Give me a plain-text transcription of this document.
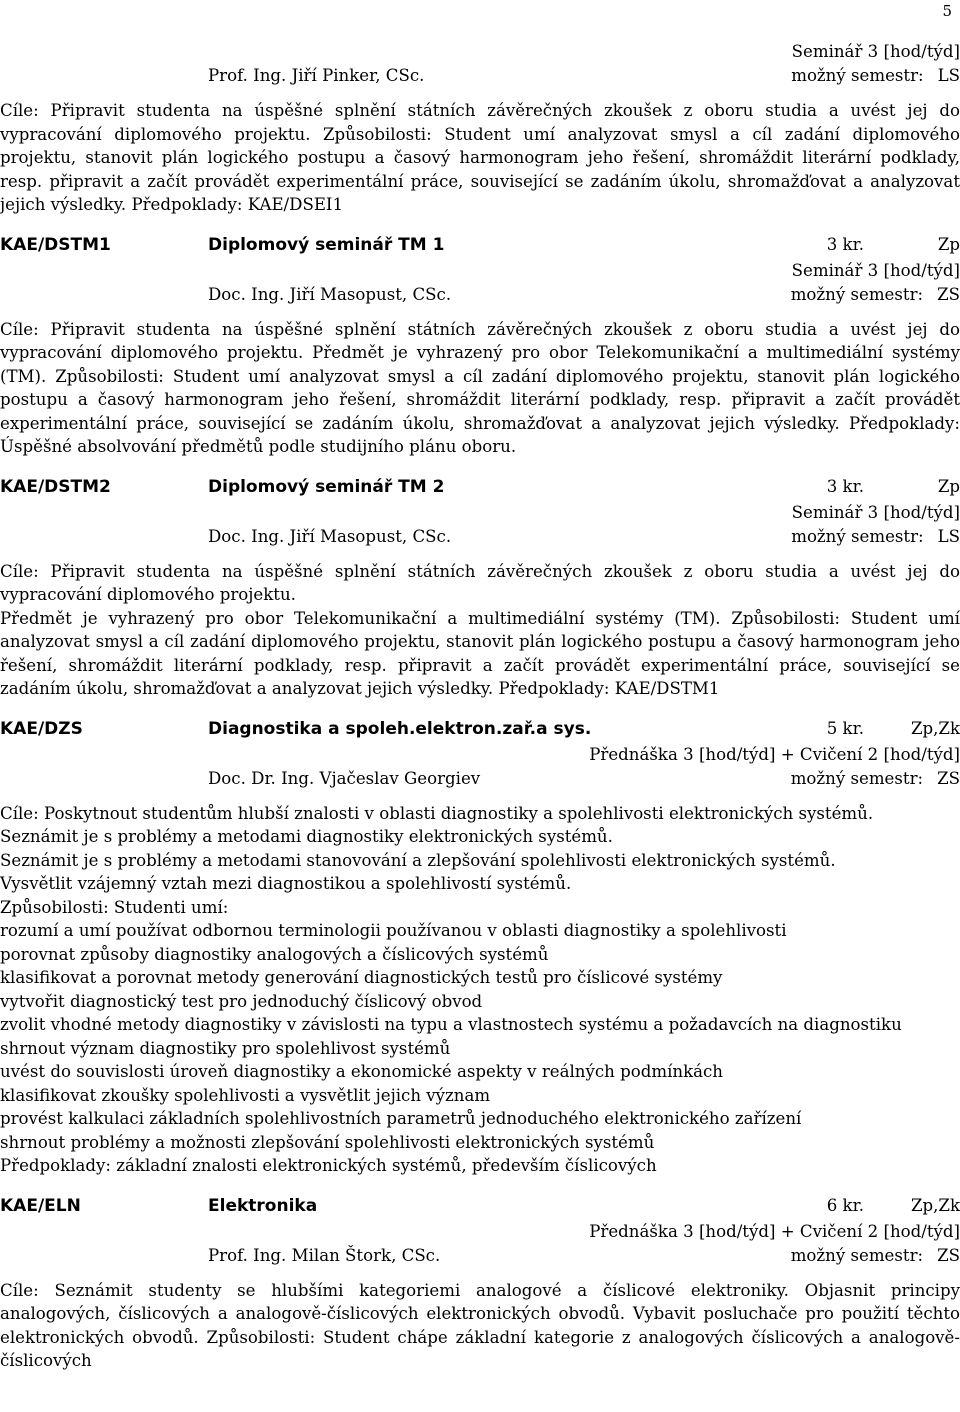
5
Seminář 3 [hod/týd]
Prof. Ing. Jiří Pinker, CSc.	možný semestr: LS

Cíle: Připravit studenta na úspěšné splnění státních závěrečných zkoušek z oboru studia a uvést jej do vypracování diplomového projektu. Způsobilosti: Student umí analyzovat smysl a cíl zadání diplomového projektu, stanovit plán logického postupu a časový harmonogram jeho řešení, shromáždit literární podklady, resp. připravit a začít provádět experimentální práce, související se zadáním úkolu, shromažďovat a analyzovat jejich výsledky. Předpoklady: KAE/DSEI1

KAE/DSTM1	Diplomový seminář TM 1	3 kr.	Zp
Seminář 3 [hod/týd]
Doc. Ing. Jiří Masopust, CSc.	možný semestr: ZS

Cíle: Připravit studenta na úspěšné splnění státních závěrečných zkoušek z oboru studia a uvést jej do vypracování diplomového projektu. Předmět je vyhrazený pro obor Telekomunikační a multimediální systémy (TM). Způsobilosti: Student umí analyzovat smysl a cíl zadání diplomového projektu, stanovit plán logického postupu a časový harmonogram jeho řešení, shromáždit literární podklady, resp. připravit a začít provádět experimentální práce, související se zadáním úkolu, shromažďovat a analyzovat jejich výsledky. Předpoklady: Úspěšné absolvování předmětů podle studijního plánu oboru.

KAE/DSTM2	Diplomový seminář TM 2	3 kr.	Zp
Seminář 3 [hod/týd]
Doc. Ing. Jiří Masopust, CSc.	možný semestr: LS

Cíle: Připravit studenta na úspěšné splnění státních závěrečných zkoušek z oboru studia a uvést jej do vypracování diplomového projektu.

Předmět je vyhrazený pro obor Telekomunikační a multimediální systémy (TM). Způsobilosti: Student umí analyzovat smysl a cíl zadání diplomového projektu, stanovit plán logického postupu a časový harmonogram jeho řešení, shromáždit literární podklady, resp. připravit a začít provádět experimentální práce, související se zadáním úkolu, shromažďovat a analyzovat jejich výsledky. Předpoklady: KAE/DSTM1

KAE/DZS	Diagnostika a spoleh.elektron.zař.a sys.	5 kr.	Zp,Zk
Přednáška 3 [hod/týd] + Cvičení 2 [hod/týd]
Doc. Dr. Ing. Vjačeslav Georgiev	možný semestr: ZS

Cíle: Poskytnout studentům hlubší znalosti v oblasti diagnostiky a spolehlivosti elektronických systémů.

Seznámit je s problémy a metodami diagnostiky elektronických systémů.

Seznámit je s problémy a metodami stanovování a zlepšování spolehlivosti elektronických systémů.

Vysvětlit vzájemný vztah mezi diagnostikou a spolehlivostí systémů.

Způsobilosti: Studenti umí:

rozumí a umí používat odbornou terminologii používanou v oblasti diagnostiky a spolehlivosti

porovnat způsoby diagnostiky analogových a číslicových systémů

klasifikovat a porovnat metody generování diagnostických testů pro číslicové systémy

vytvořit diagnostický test pro jednoduchý číslicový obvod

zvolit vhodné metody diagnostiky v závislosti na typu a vlastnostech systému a požadavcích na diagnostiku

shrnout význam diagnostiky pro spolehlivost systémů

uvést do souvislosti úroveň diagnostiky a ekonomické aspekty v reálných podmínkách

klasifikovat zkoušky spolehlivosti a vysvětlit jejich význam

provést kalkulaci základních spolehlivostních parametrů jednoduchého elektronického zařízení

shrnout problémy a možnosti zlepšování spolehlivosti elektronických systémů

Předpoklady: základní znalosti elektronických systémů, především číslicových

KAE/ELN	Elektronika	6 kr.	Zp,Zk
Přednáška 3 [hod/týd] + Cvičení 2 [hod/týd]
Prof. Ing. Milan Štork, CSc.	možný semestr: ZS

Cíle: Seznámit studenty se hlubšími kategoriemi analogové a číslicové elektroniky. Objasnit principy analogových, číslicových a analogově-číslicových elektronických obvodů. Vybavit posluchače pro použití těchto elektronických obvodů. Způsobilosti: Student chápe základní kategorie z analogových číslicových a analogově-číslicových
